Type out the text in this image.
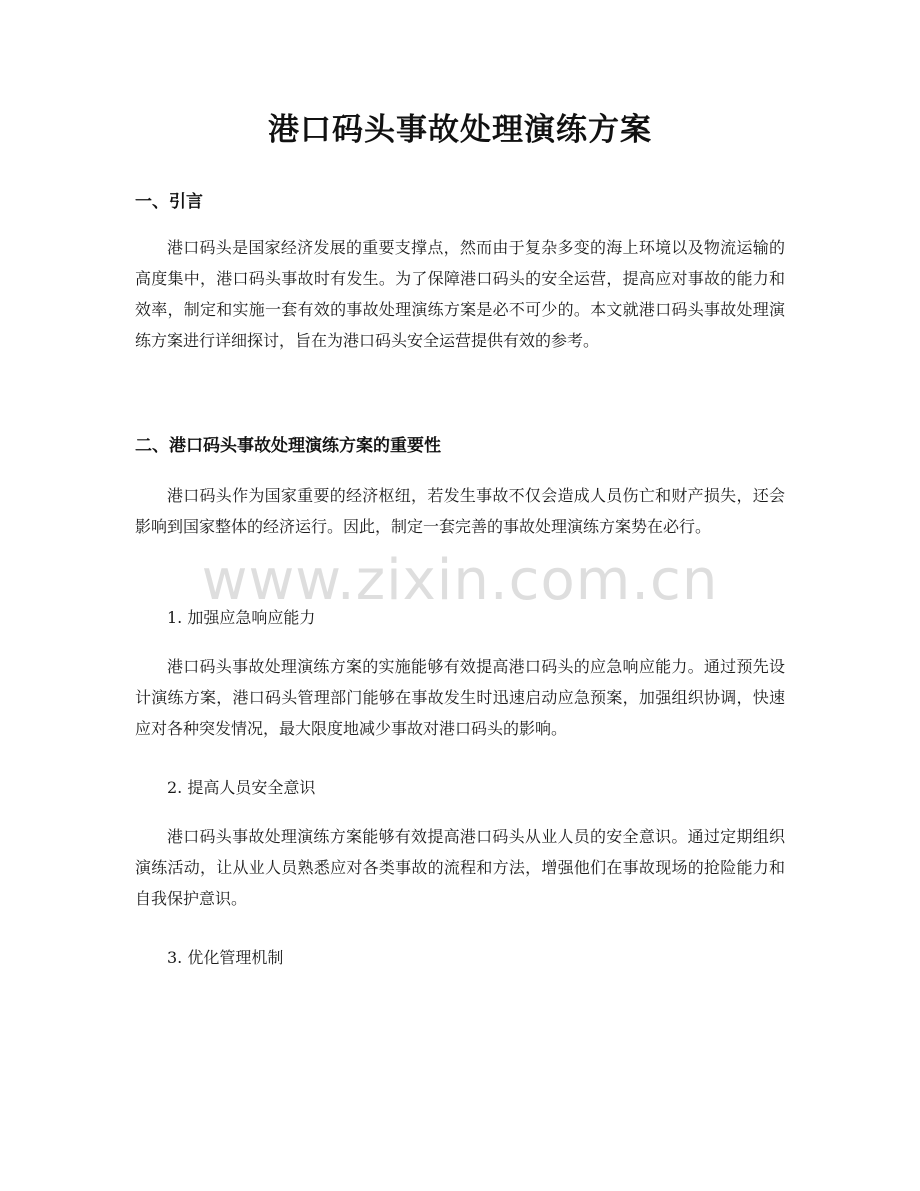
港口码头事故处理演练方案
一、引言

港口码头是国家经济发展的重要支撑点，然而由于复杂多变的海上环境以及物流运输的高度集中，港口码头事故时有发生。为了保障港口码头的安全运营，提高应对事故的能力和效率，制定和实施一套有效的事故处理演练方案是必不可少的。本文就港口码头事故处理演练方案进行详细探讨，旨在为港口码头安全运营提供有效的参考。

二、港口码头事故处理演练方案的重要性

港口码头作为国家重要的经济枢纽，若发生事故不仅会造成人员伤亡和财产损失，还会影响到国家整体的经济运行。因此，制定一套完善的事故处理演练方案势在必行。

1. 加强应急响应能力

港口码头事故处理演练方案的实施能够有效提高港口码头的应急响应能力。通过预先设计演练方案，港口码头管理部门能够在事故发生时迅速启动应急预案，加强组织协调，快速应对各种突发情况，最大限度地减少事故对港口码头的影响。

2. 提高人员安全意识

港口码头事故处理演练方案能够有效提高港口码头从业人员的安全意识。通过定期组织演练活动，让从业人员熟悉应对各类事故的流程和方法，增强他们在事故现场的抢险能力和自我保护意识。

3. 优化管理机制
www.zixin.com.cn
